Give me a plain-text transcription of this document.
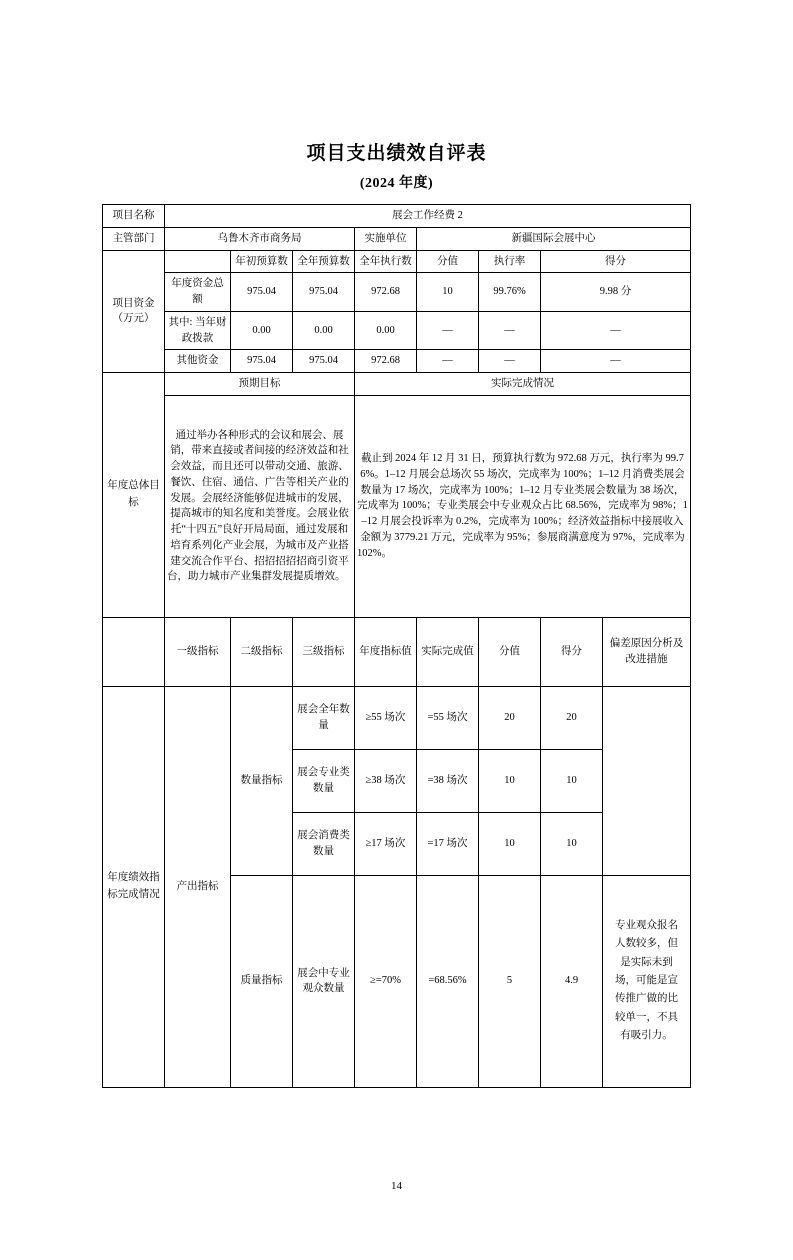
项目支出绩效自评表
(2024 年度)
项目名称	展会工作经费 2							
主管部门	乌鲁木齐市商务局			实施单位	新疆国际会展中心			

项目资金
（万元）		年初预算数	全年预算数	全年执行数	分值	执行率	得分	
	年度资金总额	975.04	975.04	972.68	10	99.76%	9.98 分	
	其中: 当年财政拨款	0.00	0.00	0.00	—	—	—	
	其他资金	975.04	975.04	972.68	—	—	—	

年度总体目标	预期目标			实际完成情况				
	通过举办各种形式的会议和展会、展销，带来直接或者间接的经济效益和社会效益，而且还可以带动交通、旅游、餐饮、住宿、通信、广告等相关产业的发展。会展经济能够促进城市的发展，提高城市的知名度和美誉度。会展业依托“十四五”良好开局局面，通过发展和培育系列化产业会展，为城市及产业搭建交流合作平台、招招招招招商引资平台，助力城市产业集群发展提质增效。			截止到 2024 年 12 月 31 日，预算执行数为 972.68 万元，执行率为 99.76%。1–12 月展会总场次 55 场次，完成率为 100%；1–12 月消费类展会数量为 17 场次，完成率为 100%；1–12 月专业类展会数量为 38 场次，完成率为 100%；专业类展会中专业观众占比 68.56%，完成率为 98%；1–12 月展会投诉率为 0.2%，完成率为 100%；经济效益指标中接展收入金额为 3779.21 万元，完成率为 95%；参展商满意度为 97%，完成率为 102%。				
	一级指标	二级指标	三级指标	年度指标值	实际完成值	分值	得分	偏差原因分析及改进措施

年度绩效指标完成情况	产出指标	数量指标	展会全年数量	≥55 场次	=55 场次	20	20	
			展会专业类数量	≥38 场次	=38 场次	10	10	
			展会消费类数量	≥17 场次	=17 场次	10	10	
		质量指标	展会中专业观众数量	≥=70%	=68.56%	5	4.9	专业观众报名人数较多，但是实际未到场，可能是宣传推广做的比较单一，不具有吸引力。
14
